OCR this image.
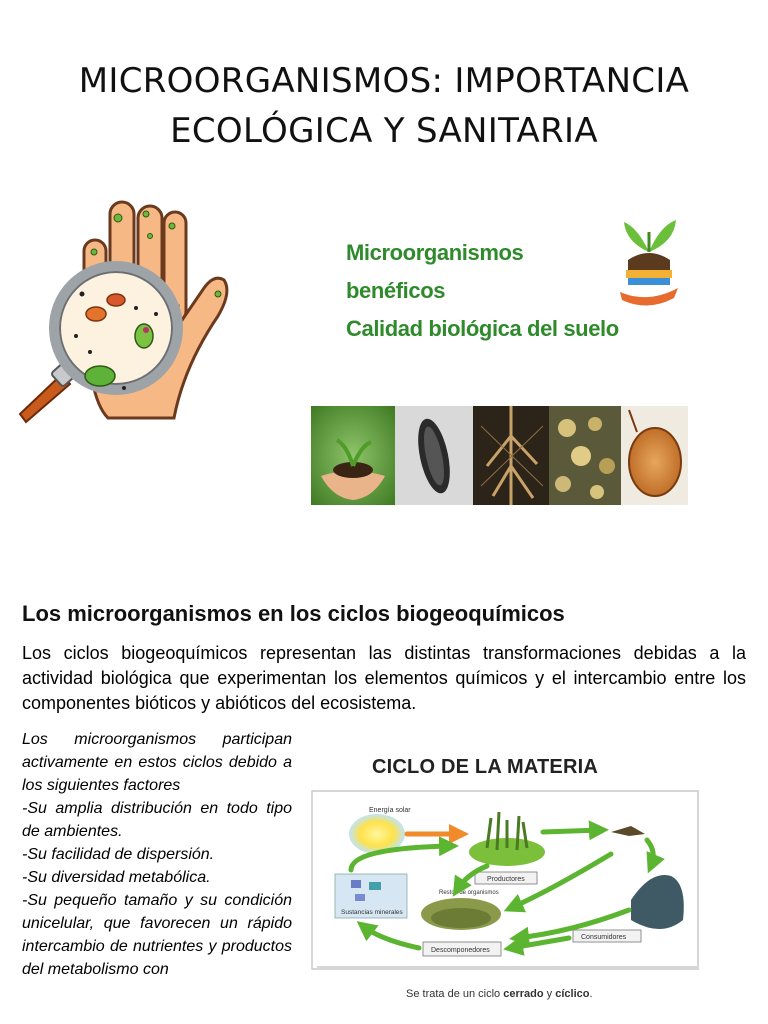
MICROORGANISMOS: IMPORTANCIA
ECOLÓGICA Y SANITARIA
Microorganismos benéficos
Calidad biológica del suelo
Los microorganismos en los ciclos biogeoquímicos
Los ciclos biogeoquímicos representan las distintas transformaciones debidas a la actividad biológica que experimentan los elementos químicos y el intercambio entre los componentes bióticos y abióticos del ecosistema.
Los microorganismos participan activamente en estos ciclos debido a los siguientes factores
-Su amplia distribución en todo tipo de ambientes.
-Su facilidad de dispersión.
-Su diversidad metabólica.
-Su pequeño tamaño y su condición unicelular, que favorecen un rápido intercambio de nutrientes y productos del metabolismo con
CICLO DE LA MATERIA
Energía solar
Productores
Sustancias minerales
Restos de organismos
Descomponedores
Consumidores
Se trata de un ciclo cerrado y cíclico.
